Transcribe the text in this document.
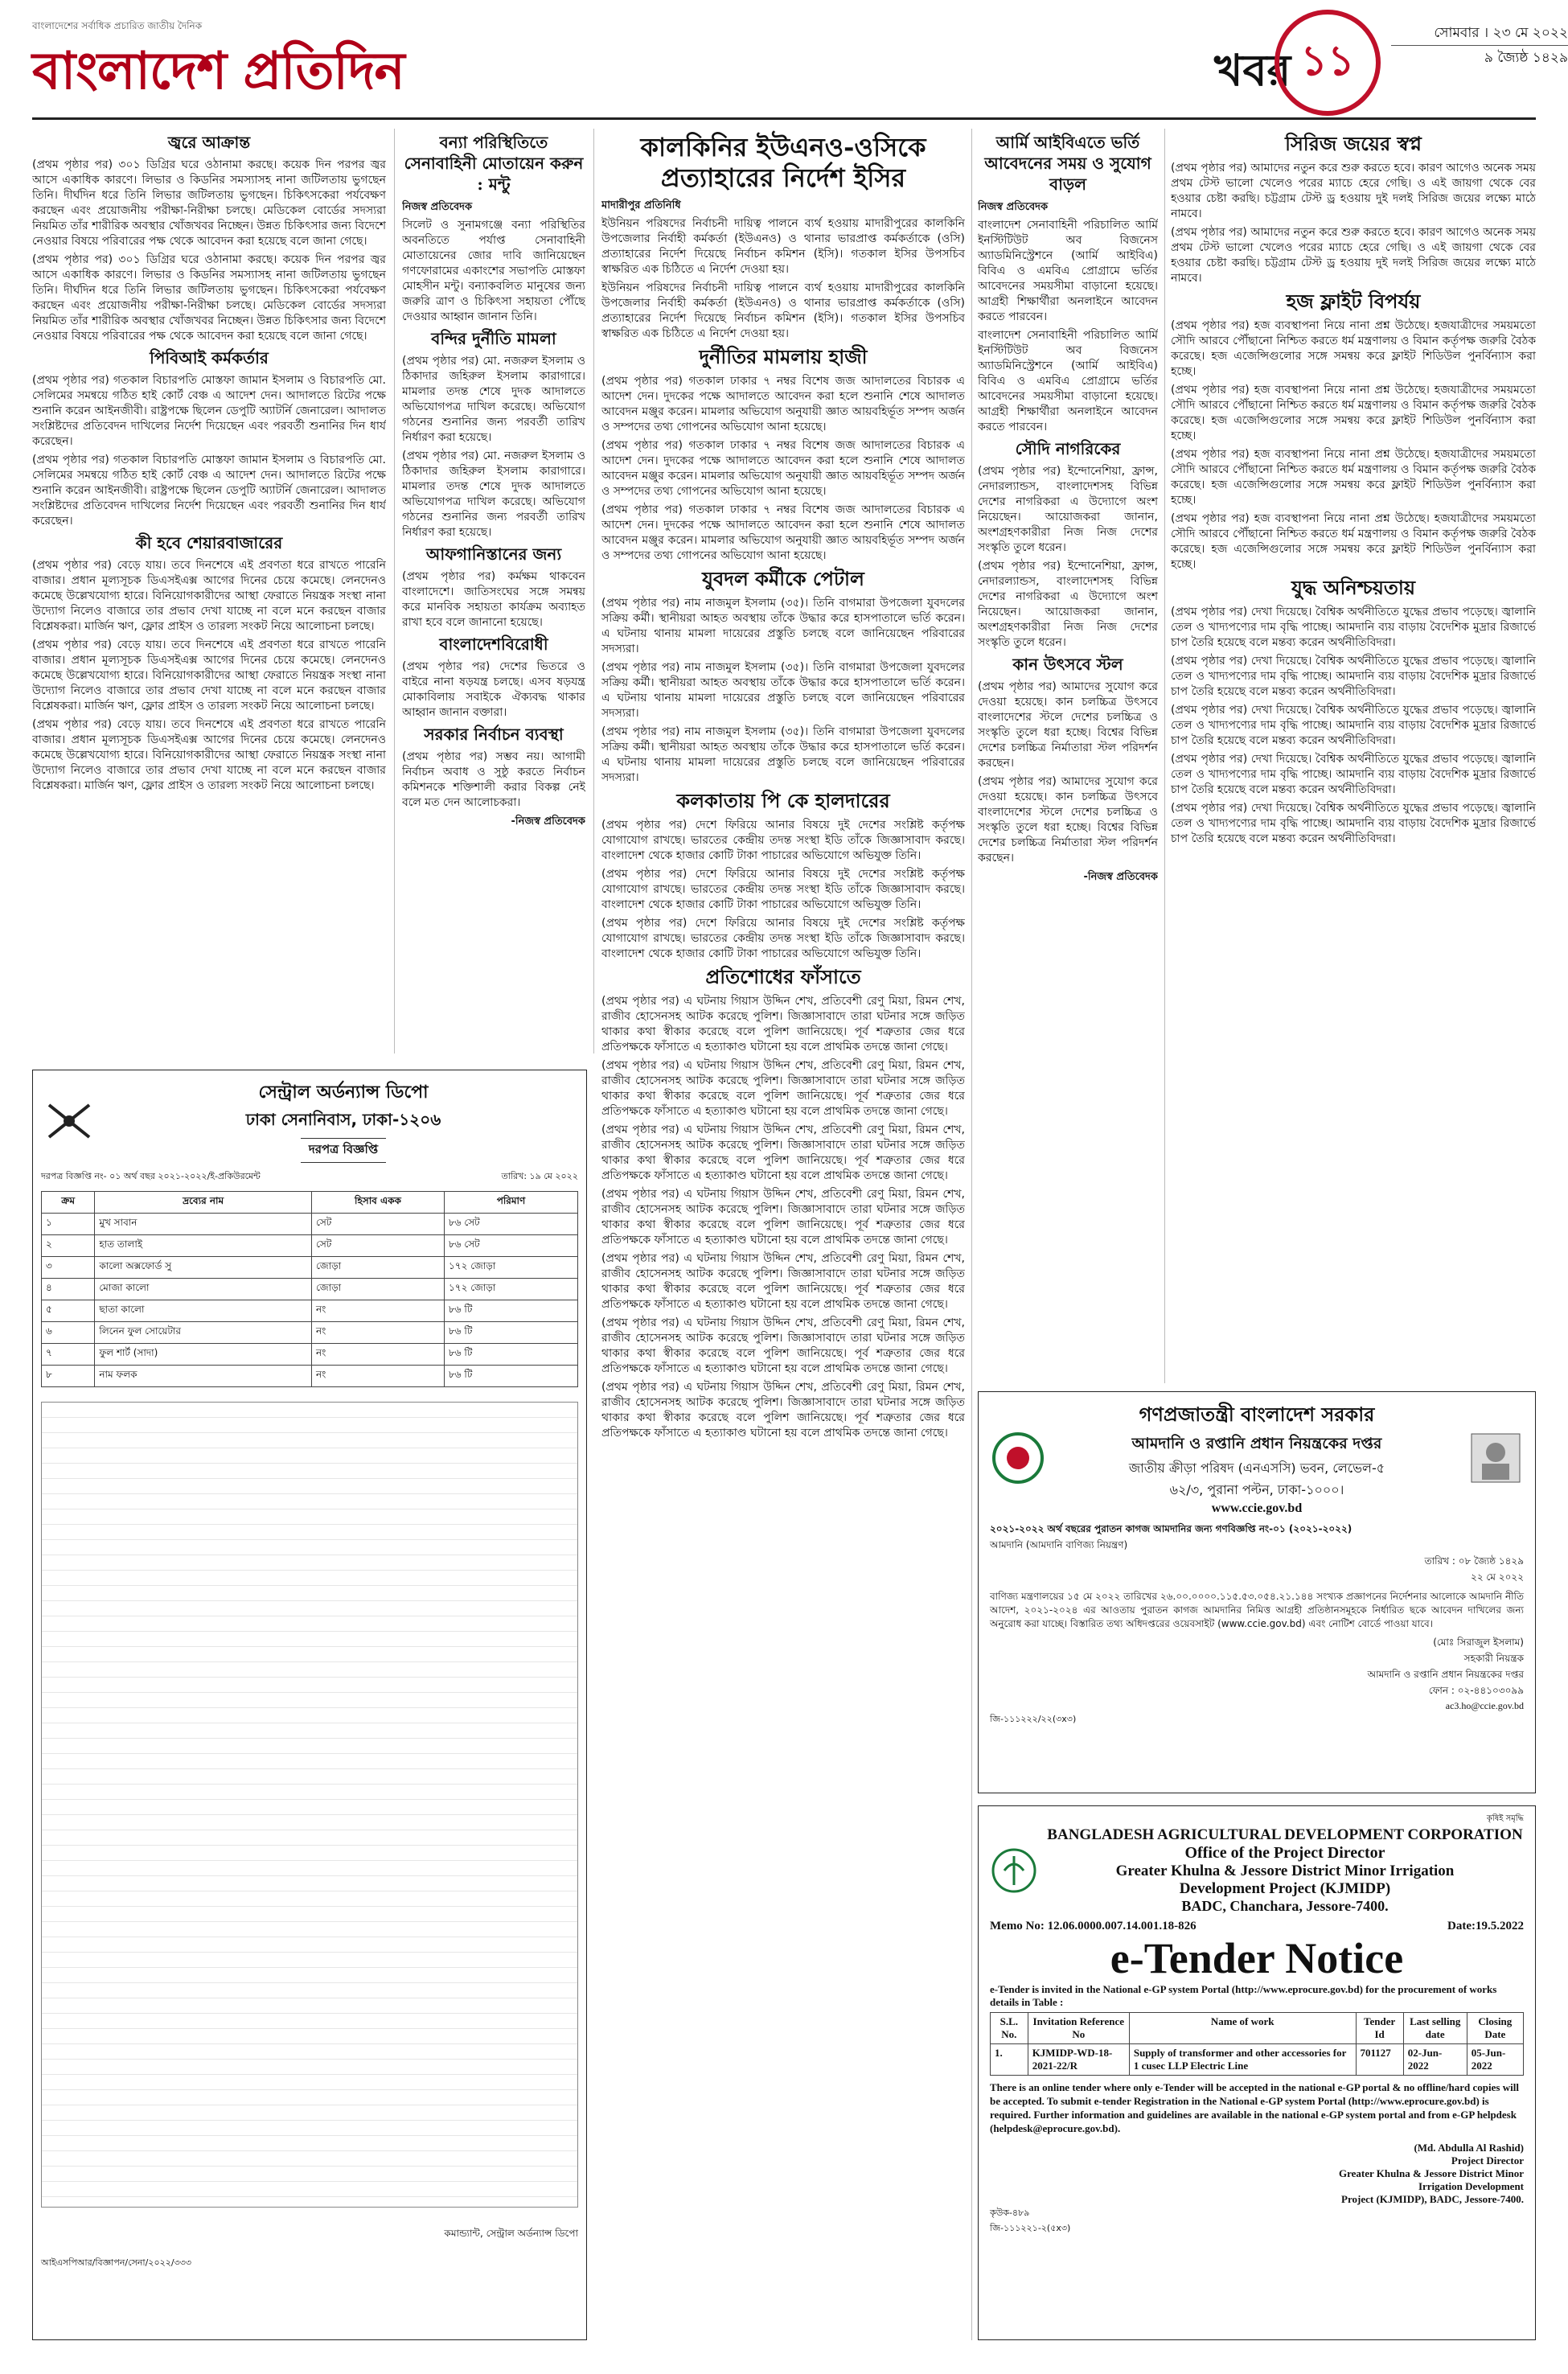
বাংলাদেশের সর্বাধিক প্রচারিত জাতীয় দৈনিক
বাংলাদেশ প্রতিদিন	খবর ১১
সোমবার । ২৩ মে ২০২২
৯ জ্যৈষ্ঠ ১৪২৯
জ্বরে আক্রান্ত

(প্রথম পৃষ্ঠার পর) ৩০১ ডিগ্রির ঘরে ওঠানামা করছে। কয়েক দিন পরপর জ্বর আসে একাধিক কারণে। লিভার ও কিডনির সমস্যাসহ নানা জটিলতায় ভুগছেন তিনি। দীর্ঘদিন ধরে তিনি লিভার জটিলতায় ভুগছেন। চিকিৎসকেরা পর্যবেক্ষণ করছেন এবং প্রয়োজনীয় পরীক্ষা-নিরীক্ষা চলছে। মেডিকেল বোর্ডের সদস্যরা নিয়মিত তাঁর শারীরিক অবস্থার খোঁজখবর নিচ্ছেন। উন্নত চিকিৎসার জন্য বিদেশে নেওয়ার বিষয়ে পরিবারের পক্ষ থেকে আবেদন করা হয়েছে বলে জানা গেছে।

(প্রথম পৃষ্ঠার পর) ৩০১ ডিগ্রির ঘরে ওঠানামা করছে। কয়েক দিন পরপর জ্বর আসে একাধিক কারণে। লিভার ও কিডনির সমস্যাসহ নানা জটিলতায় ভুগছেন তিনি। দীর্ঘদিন ধরে তিনি লিভার জটিলতায় ভুগছেন। চিকিৎসকেরা পর্যবেক্ষণ করছেন এবং প্রয়োজনীয় পরীক্ষা-নিরীক্ষা চলছে। মেডিকেল বোর্ডের সদস্যরা নিয়মিত তাঁর শারীরিক অবস্থার খোঁজখবর নিচ্ছেন। উন্নত চিকিৎসার জন্য বিদেশে নেওয়ার বিষয়ে পরিবারের পক্ষ থেকে আবেদন করা হয়েছে বলে জানা গেছে।

পিবিআই কর্মকর্তার

(প্রথম পৃষ্ঠার পর) গতকাল বিচারপতি মোস্তফা জামান ইসলাম ও বিচারপতি মো. সেলিমের সমন্বয়ে গঠিত হাই কোর্ট বেঞ্চ এ আদেশ দেন। আদালতে রিটের পক্ষে শুনানি করেন আইনজীবী। রাষ্ট্রপক্ষে ছিলেন ডেপুটি অ্যাটর্নি জেনারেল। আদালত সংশ্লিষ্টদের প্রতিবেদন দাখিলের নির্দেশ দিয়েছেন এবং পরবর্তী শুনানির দিন ধার্য করেছেন।

(প্রথম পৃষ্ঠার পর) গতকাল বিচারপতি মোস্তফা জামান ইসলাম ও বিচারপতি মো. সেলিমের সমন্বয়ে গঠিত হাই কোর্ট বেঞ্চ এ আদেশ দেন। আদালতে রিটের পক্ষে শুনানি করেন আইনজীবী। রাষ্ট্রপক্ষে ছিলেন ডেপুটি অ্যাটর্নি জেনারেল। আদালত সংশ্লিষ্টদের প্রতিবেদন দাখিলের নির্দেশ দিয়েছেন এবং পরবর্তী শুনানির দিন ধার্য করেছেন।

কী হবে শেয়ারবাজারের

(প্রথম পৃষ্ঠার পর) বেড়ে যায়। তবে দিনশেষে এই প্রবণতা ধরে রাখতে পারেনি বাজার। প্রধান মূল্যসূচক ডিএসইএক্স আগের দিনের চেয়ে কমেছে। লেনদেনও কমেছে উল্লেখযোগ্য হারে। বিনিয়োগকারীদের আস্থা ফেরাতে নিয়ন্ত্রক সংস্থা নানা উদ্যোগ নিলেও বাজারে তার প্রভাব দেখা যাচ্ছে না বলে মনে করছেন বাজার বিশ্লেষকরা। মার্জিন ঋণ, ফ্লোর প্রাইস ও তারল্য সংকট নিয়ে আলোচনা চলছে।

(প্রথম পৃষ্ঠার পর) বেড়ে যায়। তবে দিনশেষে এই প্রবণতা ধরে রাখতে পারেনি বাজার। প্রধান মূল্যসূচক ডিএসইএক্স আগের দিনের চেয়ে কমেছে। লেনদেনও কমেছে উল্লেখযোগ্য হারে। বিনিয়োগকারীদের আস্থা ফেরাতে নিয়ন্ত্রক সংস্থা নানা উদ্যোগ নিলেও বাজারে তার প্রভাব দেখা যাচ্ছে না বলে মনে করছেন বাজার বিশ্লেষকরা। মার্জিন ঋণ, ফ্লোর প্রাইস ও তারল্য সংকট নিয়ে আলোচনা চলছে।

(প্রথম পৃষ্ঠার পর) বেড়ে যায়। তবে দিনশেষে এই প্রবণতা ধরে রাখতে পারেনি বাজার। প্রধান মূল্যসূচক ডিএসইএক্স আগের দিনের চেয়ে কমেছে। লেনদেনও কমেছে উল্লেখযোগ্য হারে। বিনিয়োগকারীদের আস্থা ফেরাতে নিয়ন্ত্রক সংস্থা নানা উদ্যোগ নিলেও বাজারে তার প্রভাব দেখা যাচ্ছে না বলে মনে করছেন বাজার বিশ্লেষকরা। মার্জিন ঋণ, ফ্লোর প্রাইস ও তারল্য সংকট নিয়ে আলোচনা চলছে।

বন্যা পরিস্থিতিতে সেনাবাহিনী মোতায়েন করুন : মন্টু
নিজস্ব প্রতিবেদক

সিলেট ও সুনামগঞ্জে বন্যা পরিস্থিতির অবনতিতে পর্যাপ্ত সেনাবাহিনী মোতায়েনের জোর দাবি জানিয়েছেন গণফোরামের একাংশের সভাপতি মোস্তফা মোহসীন মন্টু। বন্যাকবলিত মানুষের জন্য জরুরি ত্রাণ ও চিকিৎসা সহায়তা পৌঁছে দেওয়ার আহ্বান জানান তিনি।

বন্দির দুর্নীতি মামলা

(প্রথম পৃষ্ঠার পর) মো. নজরুল ইসলাম ও ঠিকাদার জহিরুল ইসলাম কারাগারে। মামলার তদন্ত শেষে দুদক আদালতে অভিযোগপত্র দাখিল করেছে। অভিযোগ গঠনের শুনানির জন্য পরবর্তী তারিখ নির্ধারণ করা হয়েছে।

(প্রথম পৃষ্ঠার পর) মো. নজরুল ইসলাম ও ঠিকাদার জহিরুল ইসলাম কারাগারে। মামলার তদন্ত শেষে দুদক আদালতে অভিযোগপত্র দাখিল করেছে। অভিযোগ গঠনের শুনানির জন্য পরবর্তী তারিখ নির্ধারণ করা হয়েছে।

আফগানিস্তানের জন্য

(প্রথম পৃষ্ঠার পর) কর্মক্ষম থাকবেন বাংলাদেশে। জাতিসংঘের সঙ্গে সমন্বয় করে মানবিক সহায়তা কার্যক্রম অব্যাহত রাখা হবে বলে জানানো হয়েছে।

বাংলাদেশবিরোধী

(প্রথম পৃষ্ঠার পর) দেশের ভিতরে ও বাইরে নানা ষড়যন্ত্র চলছে। এসব ষড়যন্ত্র মোকাবিলায় সবাইকে ঐক্যবদ্ধ থাকার আহ্বান জানান বক্তারা।

সরকার নির্বাচন ব্যবস্থা

(প্রথম পৃষ্ঠার পর) সম্ভব নয়। আগামী নির্বাচন অবাধ ও সুষ্ঠু করতে নির্বাচন কমিশনকে শক্তিশালী করার বিকল্প নেই বলে মত দেন আলোচকরা।

-নিজস্ব প্রতিবেদক
কালকিনির ইউএনও-ওসিকে প্রত্যাহারের নির্দেশ ইসির
মাদারীপুর প্রতিনিধি

ইউনিয়ন পরিষদের নির্বাচনী দায়িত্ব পালনে ব্যর্থ হওয়ায় মাদারীপুরের কালকিনি উপজেলার নির্বাহী কর্মকর্তা (ইউএনও) ও থানার ভারপ্রাপ্ত কর্মকর্তাকে (ওসি) প্রত্যাহারের নির্দেশ দিয়েছে নির্বাচন কমিশন (ইসি)। গতকাল ইসির উপসচিব স্বাক্ষরিত এক চিঠিতে এ নির্দেশ দেওয়া হয়।

ইউনিয়ন পরিষদের নির্বাচনী দায়িত্ব পালনে ব্যর্থ হওয়ায় মাদারীপুরের কালকিনি উপজেলার নির্বাহী কর্মকর্তা (ইউএনও) ও থানার ভারপ্রাপ্ত কর্মকর্তাকে (ওসি) প্রত্যাহারের নির্দেশ দিয়েছে নির্বাচন কমিশন (ইসি)। গতকাল ইসির উপসচিব স্বাক্ষরিত এক চিঠিতে এ নির্দেশ দেওয়া হয়।

দুর্নীতির মামলায় হাজী

(প্রথম পৃষ্ঠার পর) গতকাল ঢাকার ৭ নম্বর বিশেষ জজ আদালতের বিচারক এ আদেশ দেন। দুদকের পক্ষে আদালতে আবেদন করা হলে শুনানি শেষে আদালত আবেদন মঞ্জুর করেন। মামলার অভিযোগ অনুযায়ী জ্ঞাত আয়বহির্ভূত সম্পদ অর্জন ও সম্পদের তথ্য গোপনের অভিযোগ আনা হয়েছে।

(প্রথম পৃষ্ঠার পর) গতকাল ঢাকার ৭ নম্বর বিশেষ জজ আদালতের বিচারক এ আদেশ দেন। দুদকের পক্ষে আদালতে আবেদন করা হলে শুনানি শেষে আদালত আবেদন মঞ্জুর করেন। মামলার অভিযোগ অনুযায়ী জ্ঞাত আয়বহির্ভূত সম্পদ অর্জন ও সম্পদের তথ্য গোপনের অভিযোগ আনা হয়েছে।

(প্রথম পৃষ্ঠার পর) গতকাল ঢাকার ৭ নম্বর বিশেষ জজ আদালতের বিচারক এ আদেশ দেন। দুদকের পক্ষে আদালতে আবেদন করা হলে শুনানি শেষে আদালত আবেদন মঞ্জুর করেন। মামলার অভিযোগ অনুযায়ী জ্ঞাত আয়বহির্ভূত সম্পদ অর্জন ও সম্পদের তথ্য গোপনের অভিযোগ আনা হয়েছে।

যুবদল কর্মীকে পেটাল

(প্রথম পৃষ্ঠার পর) নাম নাজমুল ইসলাম (৩৫)। তিনি বাগমারা উপজেলা যুবদলের সক্রিয় কর্মী। স্থানীয়রা আহত অবস্থায় তাঁকে উদ্ধার করে হাসপাতালে ভর্তি করেন। এ ঘটনায় থানায় মামলা দায়েরের প্রস্তুতি চলছে বলে জানিয়েছেন পরিবারের সদস্যরা।

(প্রথম পৃষ্ঠার পর) নাম নাজমুল ইসলাম (৩৫)। তিনি বাগমারা উপজেলা যুবদলের সক্রিয় কর্মী। স্থানীয়রা আহত অবস্থায় তাঁকে উদ্ধার করে হাসপাতালে ভর্তি করেন। এ ঘটনায় থানায় মামলা দায়েরের প্রস্তুতি চলছে বলে জানিয়েছেন পরিবারের সদস্যরা।

(প্রথম পৃষ্ঠার পর) নাম নাজমুল ইসলাম (৩৫)। তিনি বাগমারা উপজেলা যুবদলের সক্রিয় কর্মী। স্থানীয়রা আহত অবস্থায় তাঁকে উদ্ধার করে হাসপাতালে ভর্তি করেন। এ ঘটনায় থানায় মামলা দায়েরের প্রস্তুতি চলছে বলে জানিয়েছেন পরিবারের সদস্যরা।

কলকাতায় পি কে হালদারের

(প্রথম পৃষ্ঠার পর) দেশে ফিরিয়ে আনার বিষয়ে দুই দেশের সংশ্লিষ্ট কর্তৃপক্ষ যোগাযোগ রাখছে। ভারতের কেন্দ্রীয় তদন্ত সংস্থা ইডি তাঁকে জিজ্ঞাসাবাদ করছে। বাংলাদেশ থেকে হাজার কোটি টাকা পাচারের অভিযোগে অভিযুক্ত তিনি।

(প্রথম পৃষ্ঠার পর) দেশে ফিরিয়ে আনার বিষয়ে দুই দেশের সংশ্লিষ্ট কর্তৃপক্ষ যোগাযোগ রাখছে। ভারতের কেন্দ্রীয় তদন্ত সংস্থা ইডি তাঁকে জিজ্ঞাসাবাদ করছে। বাংলাদেশ থেকে হাজার কোটি টাকা পাচারের অভিযোগে অভিযুক্ত তিনি।

(প্রথম পৃষ্ঠার পর) দেশে ফিরিয়ে আনার বিষয়ে দুই দেশের সংশ্লিষ্ট কর্তৃপক্ষ যোগাযোগ রাখছে। ভারতের কেন্দ্রীয় তদন্ত সংস্থা ইডি তাঁকে জিজ্ঞাসাবাদ করছে। বাংলাদেশ থেকে হাজার কোটি টাকা পাচারের অভিযোগে অভিযুক্ত তিনি।

প্রতিশোধের ফাঁসাতে

(প্রথম পৃষ্ঠার পর) এ ঘটনায় গিয়াস উদ্দিন শেখ, প্রতিবেশী রেণু মিয়া, রিমন শেখ, রাজীব হোসেনসহ আটক করেছে পুলিশ। জিজ্ঞাসাবাদে তারা ঘটনার সঙ্গে জড়িত থাকার কথা স্বীকার করেছে বলে পুলিশ জানিয়েছে। পূর্ব শত্রুতার জের ধরে প্রতিপক্ষকে ফাঁসাতে এ হত্যাকাণ্ড ঘটানো হয় বলে প্রাথমিক তদন্তে জানা গেছে।

(প্রথম পৃষ্ঠার পর) এ ঘটনায় গিয়াস উদ্দিন শেখ, প্রতিবেশী রেণু মিয়া, রিমন শেখ, রাজীব হোসেনসহ আটক করেছে পুলিশ। জিজ্ঞাসাবাদে তারা ঘটনার সঙ্গে জড়িত থাকার কথা স্বীকার করেছে বলে পুলিশ জানিয়েছে। পূর্ব শত্রুতার জের ধরে প্রতিপক্ষকে ফাঁসাতে এ হত্যাকাণ্ড ঘটানো হয় বলে প্রাথমিক তদন্তে জানা গেছে।

(প্রথম পৃষ্ঠার পর) এ ঘটনায় গিয়াস উদ্দিন শেখ, প্রতিবেশী রেণু মিয়া, রিমন শেখ, রাজীব হোসেনসহ আটক করেছে পুলিশ। জিজ্ঞাসাবাদে তারা ঘটনার সঙ্গে জড়িত থাকার কথা স্বীকার করেছে বলে পুলিশ জানিয়েছে। পূর্ব শত্রুতার জের ধরে প্রতিপক্ষকে ফাঁসাতে এ হত্যাকাণ্ড ঘটানো হয় বলে প্রাথমিক তদন্তে জানা গেছে।

(প্রথম পৃষ্ঠার পর) এ ঘটনায় গিয়াস উদ্দিন শেখ, প্রতিবেশী রেণু মিয়া, রিমন শেখ, রাজীব হোসেনসহ আটক করেছে পুলিশ। জিজ্ঞাসাবাদে তারা ঘটনার সঙ্গে জড়িত থাকার কথা স্বীকার করেছে বলে পুলিশ জানিয়েছে। পূর্ব শত্রুতার জের ধরে প্রতিপক্ষকে ফাঁসাতে এ হত্যাকাণ্ড ঘটানো হয় বলে প্রাথমিক তদন্তে জানা গেছে।

(প্রথম পৃষ্ঠার পর) এ ঘটনায় গিয়াস উদ্দিন শেখ, প্রতিবেশী রেণু মিয়া, রিমন শেখ, রাজীব হোসেনসহ আটক করেছে পুলিশ। জিজ্ঞাসাবাদে তারা ঘটনার সঙ্গে জড়িত থাকার কথা স্বীকার করেছে বলে পুলিশ জানিয়েছে। পূর্ব শত্রুতার জের ধরে প্রতিপক্ষকে ফাঁসাতে এ হত্যাকাণ্ড ঘটানো হয় বলে প্রাথমিক তদন্তে জানা গেছে।

(প্রথম পৃষ্ঠার পর) এ ঘটনায় গিয়াস উদ্দিন শেখ, প্রতিবেশী রেণু মিয়া, রিমন শেখ, রাজীব হোসেনসহ আটক করেছে পুলিশ। জিজ্ঞাসাবাদে তারা ঘটনার সঙ্গে জড়িত থাকার কথা স্বীকার করেছে বলে পুলিশ জানিয়েছে। পূর্ব শত্রুতার জের ধরে প্রতিপক্ষকে ফাঁসাতে এ হত্যাকাণ্ড ঘটানো হয় বলে প্রাথমিক তদন্তে জানা গেছে।

(প্রথম পৃষ্ঠার পর) এ ঘটনায় গিয়াস উদ্দিন শেখ, প্রতিবেশী রেণু মিয়া, রিমন শেখ, রাজীব হোসেনসহ আটক করেছে পুলিশ। জিজ্ঞাসাবাদে তারা ঘটনার সঙ্গে জড়িত থাকার কথা স্বীকার করেছে বলে পুলিশ জানিয়েছে। পূর্ব শত্রুতার জের ধরে প্রতিপক্ষকে ফাঁসাতে এ হত্যাকাণ্ড ঘটানো হয় বলে প্রাথমিক তদন্তে জানা গেছে।

আর্মি আইবিএতে ভর্তি আবেদনের সময় ও সুযোগ বাড়ল
নিজস্ব প্রতিবেদক

বাংলাদেশ সেনাবাহিনী পরিচালিত আর্মি ইনস্টিটিউট অব বিজনেস অ্যাডমিনিস্ট্রেশনে (আর্মি আইবিএ) বিবিএ ও এমবিএ প্রোগ্রামে ভর্তির আবেদনের সময়সীমা বাড়ানো হয়েছে। আগ্রহী শিক্ষার্থীরা অনলাইনে আবেদন করতে পারবেন।

বাংলাদেশ সেনাবাহিনী পরিচালিত আর্মি ইনস্টিটিউট অব বিজনেস অ্যাডমিনিস্ট্রেশনে (আর্মি আইবিএ) বিবিএ ও এমবিএ প্রোগ্রামে ভর্তির আবেদনের সময়সীমা বাড়ানো হয়েছে। আগ্রহী শিক্ষার্থীরা অনলাইনে আবেদন করতে পারবেন।

সৌদি নাগরিকের

(প্রথম পৃষ্ঠার পর) ইন্দোনেশিয়া, ফ্রান্স, নেদারল্যান্ডস, বাংলাদেশসহ বিভিন্ন দেশের নাগরিকরা এ উদ্যোগে অংশ নিয়েছেন। আয়োজকরা জানান, অংশগ্রহণকারীরা নিজ নিজ দেশের সংস্কৃতি তুলে ধরেন।

(প্রথম পৃষ্ঠার পর) ইন্দোনেশিয়া, ফ্রান্স, নেদারল্যান্ডস, বাংলাদেশসহ বিভিন্ন দেশের নাগরিকরা এ উদ্যোগে অংশ নিয়েছেন। আয়োজকরা জানান, অংশগ্রহণকারীরা নিজ নিজ দেশের সংস্কৃতি তুলে ধরেন।

কান উৎসবে স্টল

(প্রথম পৃষ্ঠার পর) আমাদের সুযোগ করে দেওয়া হয়েছে। কান চলচ্চিত্র উৎসবে বাংলাদেশের স্টলে দেশের চলচ্চিত্র ও সংস্কৃতি তুলে ধরা হচ্ছে। বিশ্বের বিভিন্ন দেশের চলচ্চিত্র নির্মাতারা স্টল পরিদর্শন করছেন।

(প্রথম পৃষ্ঠার পর) আমাদের সুযোগ করে দেওয়া হয়েছে। কান চলচ্চিত্র উৎসবে বাংলাদেশের স্টলে দেশের চলচ্চিত্র ও সংস্কৃতি তুলে ধরা হচ্ছে। বিশ্বের বিভিন্ন দেশের চলচ্চিত্র নির্মাতারা স্টল পরিদর্শন করছেন।

-নিজস্ব প্রতিবেদক
সিরিজ জয়ের স্বপ্ন

(প্রথম পৃষ্ঠার পর) আমাদের নতুন করে শুরু করতে হবে। কারণ আগেও অনেক সময় প্রথম টেস্ট ভালো খেলেও পরের ম্যাচে হেরে গেছি। ও এই জায়গা থেকে বের হওয়ার চেষ্টা করছি। চট্টগ্রাম টেস্ট ড্র হওয়ায় দুই দলই সিরিজ জয়ের লক্ষ্যে মাঠে নামবে।

(প্রথম পৃষ্ঠার পর) আমাদের নতুন করে শুরু করতে হবে। কারণ আগেও অনেক সময় প্রথম টেস্ট ভালো খেলেও পরের ম্যাচে হেরে গেছি। ও এই জায়গা থেকে বের হওয়ার চেষ্টা করছি। চট্টগ্রাম টেস্ট ড্র হওয়ায় দুই দলই সিরিজ জয়ের লক্ষ্যে মাঠে নামবে।

হজ ফ্লাইট বিপর্যয়

(প্রথম পৃষ্ঠার পর) হজ ব্যবস্থাপনা নিয়ে নানা প্রশ্ন উঠেছে। হজযাত্রীদের সময়মতো সৌদি আরবে পৌঁছানো নিশ্চিত করতে ধর্ম মন্ত্রণালয় ও বিমান কর্তৃপক্ষ জরুরি বৈঠক করেছে। হজ এজেন্সিগুলোর সঙ্গে সমন্বয় করে ফ্লাইট শিডিউল পুনর্বিন্যাস করা হচ্ছে।

(প্রথম পৃষ্ঠার পর) হজ ব্যবস্থাপনা নিয়ে নানা প্রশ্ন উঠেছে। হজযাত্রীদের সময়মতো সৌদি আরবে পৌঁছানো নিশ্চিত করতে ধর্ম মন্ত্রণালয় ও বিমান কর্তৃপক্ষ জরুরি বৈঠক করেছে। হজ এজেন্সিগুলোর সঙ্গে সমন্বয় করে ফ্লাইট শিডিউল পুনর্বিন্যাস করা হচ্ছে।

(প্রথম পৃষ্ঠার পর) হজ ব্যবস্থাপনা নিয়ে নানা প্রশ্ন উঠেছে। হজযাত্রীদের সময়মতো সৌদি আরবে পৌঁছানো নিশ্চিত করতে ধর্ম মন্ত্রণালয় ও বিমান কর্তৃপক্ষ জরুরি বৈঠক করেছে। হজ এজেন্সিগুলোর সঙ্গে সমন্বয় করে ফ্লাইট শিডিউল পুনর্বিন্যাস করা হচ্ছে।

(প্রথম পৃষ্ঠার পর) হজ ব্যবস্থাপনা নিয়ে নানা প্রশ্ন উঠেছে। হজযাত্রীদের সময়মতো সৌদি আরবে পৌঁছানো নিশ্চিত করতে ধর্ম মন্ত্রণালয় ও বিমান কর্তৃপক্ষ জরুরি বৈঠক করেছে। হজ এজেন্সিগুলোর সঙ্গে সমন্বয় করে ফ্লাইট শিডিউল পুনর্বিন্যাস করা হচ্ছে।

যুদ্ধ অনিশ্চয়তায়

(প্রথম পৃষ্ঠার পর) দেখা দিয়েছে। বৈশ্বিক অর্থনীতিতে যুদ্ধের প্রভাব পড়েছে। জ্বালানি তেল ও খাদ্যপণ্যের দাম বৃদ্ধি পাচ্ছে। আমদানি ব্যয় বাড়ায় বৈদেশিক মুদ্রার রিজার্ভে চাপ তৈরি হয়েছে বলে মন্তব্য করেন অর্থনীতিবিদরা।

(প্রথম পৃষ্ঠার পর) দেখা দিয়েছে। বৈশ্বিক অর্থনীতিতে যুদ্ধের প্রভাব পড়েছে। জ্বালানি তেল ও খাদ্যপণ্যের দাম বৃদ্ধি পাচ্ছে। আমদানি ব্যয় বাড়ায় বৈদেশিক মুদ্রার রিজার্ভে চাপ তৈরি হয়েছে বলে মন্তব্য করেন অর্থনীতিবিদরা।

(প্রথম পৃষ্ঠার পর) দেখা দিয়েছে। বৈশ্বিক অর্থনীতিতে যুদ্ধের প্রভাব পড়েছে। জ্বালানি তেল ও খাদ্যপণ্যের দাম বৃদ্ধি পাচ্ছে। আমদানি ব্যয় বাড়ায় বৈদেশিক মুদ্রার রিজার্ভে চাপ তৈরি হয়েছে বলে মন্তব্য করেন অর্থনীতিবিদরা।

(প্রথম পৃষ্ঠার পর) দেখা দিয়েছে। বৈশ্বিক অর্থনীতিতে যুদ্ধের প্রভাব পড়েছে। জ্বালানি তেল ও খাদ্যপণ্যের দাম বৃদ্ধি পাচ্ছে। আমদানি ব্যয় বাড়ায় বৈদেশিক মুদ্রার রিজার্ভে চাপ তৈরি হয়েছে বলে মন্তব্য করেন অর্থনীতিবিদরা।

(প্রথম পৃষ্ঠার পর) দেখা দিয়েছে। বৈশ্বিক অর্থনীতিতে যুদ্ধের প্রভাব পড়েছে। জ্বালানি তেল ও খাদ্যপণ্যের দাম বৃদ্ধি পাচ্ছে। আমদানি ব্যয় বাড়ায় বৈদেশিক মুদ্রার রিজার্ভে চাপ তৈরি হয়েছে বলে মন্তব্য করেন অর্থনীতিবিদরা।

সেন্ট্রাল অর্ডন্যান্স ডিপো
ঢাকা সেনানিবাস, ঢাকা-১২০৬
দরপত্র বিজ্ঞপ্তি
দরপত্র বিজ্ঞপ্তি নং- ০১ অর্থ বছর ২০২১-২০২২/ই-প্রকিউরমেন্ট	তারিখ: ১৯ মে ২০২২
ক্রম	দ্রব্যের নাম	হিসাব একক	পরিমাণ
১	মুখ সাবান	সেট	৮৬ সেট
২	হাত তালাই	সেট	৮৬ সেট
৩	কালো অক্সফোর্ড সু	জোড়া	১৭২ জোড়া
৪	মোজা কালো	জোড়া	১৭২ জোড়া
৫	ছাতা কালো	নং	৮৬ টি
৬	লিনেন ফুল সোয়েটার	নং	৮৬ টি
৭	ফুল শার্ট (সাদা)	নং	৮৬ টি
৮	নাম ফলক	নং	৮৬ টি
কমান্ড্যান্ট, সেন্ট্রাল অর্ডন্যান্স ডিপো
আইএসপিআর/বিজ্ঞাপন/সেনা/২০২২/৩৩৩
গণপ্রজাতন্ত্রী বাংলাদেশ সরকার
আমদানি ও রপ্তানি প্রধান নিয়ন্ত্রকের দপ্তর
জাতীয় ক্রীড়া পরিষদ (এনএসসি) ভবন, লেভেল-৫
৬২/৩, পুরানা পল্টন, ঢাকা-১০০০।
www.ccie.gov.bd
২০২১-২০২২ অর্থ বছরের পুরাতন কাগজ আমদানির জন্য গণবিজ্ঞপ্তি নং-০১ (২০২১-২০২২)
আমদানি (আমদানি বাণিজ্য নিয়ন্ত্রণ)
তারিখ : ০৮ জ্যৈষ্ঠ ১৪২৯
২২ মে ২০২২
বাণিজ্য মন্ত্রণালয়ের ১৫ মে ২০২২ তারিখের ২৬.০০.০০০০.১১৫.৫৩.০৫৪.২১.১৪৪ সংখ্যক প্রজ্ঞাপনের নির্দেশনার আলোকে আমদানি নীতি আদেশ, ২০২১-২০২৪ এর আওতায় পুরাতন কাগজ আমদানির নিমিত্ত আগ্রহী প্রতিষ্ঠানসমূহকে নির্ধারিত ছকে আবেদন দাখিলের জন্য অনুরোধ করা যাচ্ছে। বিস্তারিত তথ্য অধিদপ্তরের ওয়েবসাইট (www.ccie.gov.bd) এবং নোটিশ বোর্ডে পাওয়া যাবে।
(মোঃ সিরাজুল ইসলাম)
সহকারী নিয়ন্ত্রক
আমদানি ও রপ্তানি প্রধান নিয়ন্ত্রকের দপ্তর
ফোন : ০২-৪৪১০৩০৯৯
ac3.ho@ccie.gov.bd
জি-১১১২২২/২২(৩x৩)
কৃষিই সমৃদ্ধি
BANGLADESH AGRICULTURAL DEVELOPMENT CORPORATION
Office of the Project Director
Greater Khulna & Jessore District Minor Irrigation
Development Project (KJMIDP)
BADC, Chanchara, Jessore-7400.
Memo No: 12.06.0000.007.14.001.18-826	Date:19.5.2022
e-Tender Notice
e-Tender is invited in the National e-GP system Portal (http://www.eprocure.gov.bd) for the procurement of works details in Table :
S.L. No.	Invitation Reference No	Name of work	Tender Id	Last selling date	Closing Date
1.	KJMIDP-WD-18-2021-22/R	Supply of transformer and other accessories for 1 cusec LLP Electric Line	701127	02-Jun-2022	05-Jun-2022
There is an online tender where only e-Tender will be accepted in the national e-GP portal & no offline/hard copies will be accepted. To submit e-tender Registration in the National e-GP system Portal (http://www.eprocure.gov.bd) is required. Further information and guidelines are available in the national e-GP system portal and from e-GP helpdesk (helpdesk@eprocure.gov.bd).
(Md. Abdulla Al Rashid)
Project Director
Greater Khulna & Jessore District Minor
Irrigation Development
Project (KJMIDP), BADC, Jessore-7400.
কৃউক-৪৮৯
জি-১১১২২১-২(৫x৩)
